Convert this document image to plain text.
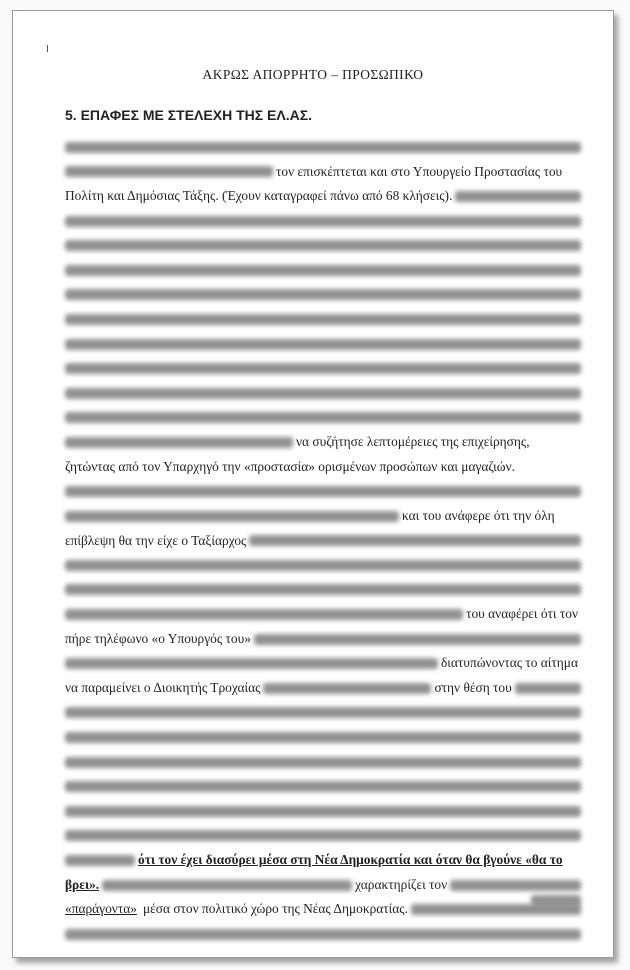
ΑΚΡΩΣ ΑΠΟΡΡΗΤΟ – ΠΡΟΣΩΠΙΚΟ
5. ΕΠΑΦΕΣ ΜΕ ΣΤΕΛΕΧΗ ΤΗΣ ΕΛ.ΑΣ.
τον επισκέπτεται και στο Υπουργείο Προστασίας του
Πολίτη και Δημόσιας Τάξης. (Έχουν καταγραφεί πάνω από 68 κλήσεις).
να συζήτησε λεπτομέρειες της επιχείρησης,
ζητώντας από τον Υπαρχηγό την «προστασία» ορισμένων προσώπων και μαγαζιών.
και του ανάφερε ότι την όλη
επίβλεψη θα την είχε ο Ταξίαρχος
του αναφέρει ότι τον
πήρε τηλέφωνο «ο Υπουργός του»
διατυπώνοντας το αίτημα
να παραμείνει ο Διοικητής Τροχαίας	στην θέση του
ότι τον έχει διασύρει μέσα στη Νέα Δημοκρατία και όταν θα βγούνε «θα το
βρει».	χαρακτηρίζει τον
«παράγοντα» μέσα στον πολιτικό χώρο της Νέας Δημοκρατίας.
